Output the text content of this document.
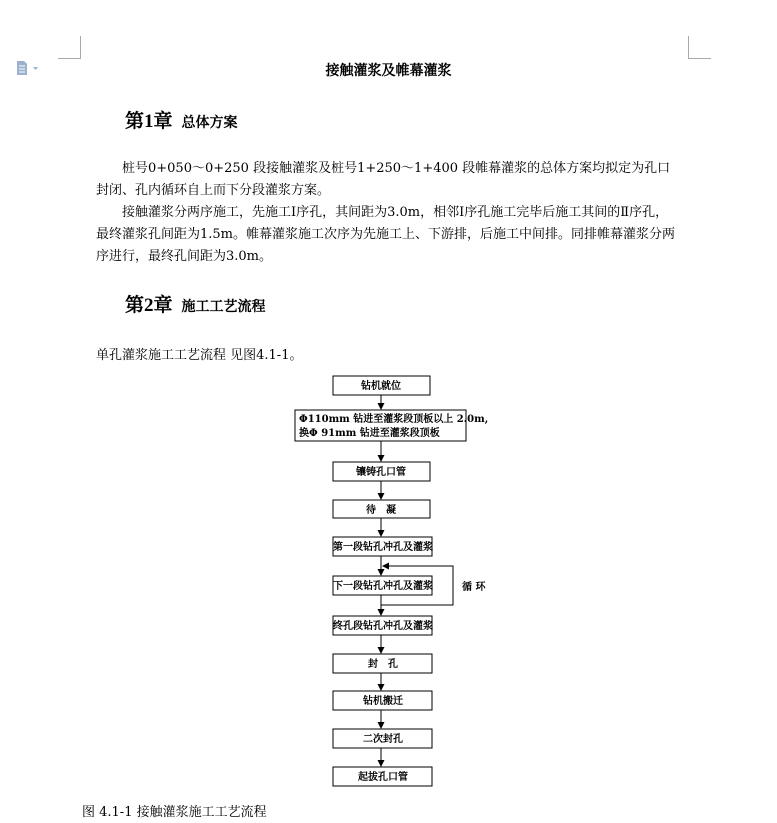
接触灌浆及帷幕灌浆
第1章 总体方案

桩号0+050～0+250 段接触灌浆及桩号1+250～1+400 段帷幕灌浆的总体方案均拟定为孔口封闭、孔内循环自上而下分段灌浆方案。

接触灌浆分两序施工，先施工Ⅰ序孔，其间距为3.0m，相邻Ⅰ序孔施工完毕后施工其间的Ⅱ序孔，最终灌浆孔间距为1.5m。帷幕灌浆施工次序为先施工上、下游排，后施工中间排。同排帷幕灌浆分两序进行，最终孔间距为3.0m。

第2章 施工工艺流程
单孔灌浆施工工艺流程 见图4.1-1。
钻机就位
Φ110mm 钻进至灌浆段顶板以上 2.0m,
换Φ 91mm 钻进至灌浆段顶板
镶铸孔口管
待　凝
第一段钻孔冲孔及灌浆
下一段钻孔冲孔及灌浆
终孔段钻孔冲孔及灌浆
封　孔
钻机搬迁
二次封孔
起拔孔口管
循 环
图 4.1-1 接触灌浆施工工艺流程
